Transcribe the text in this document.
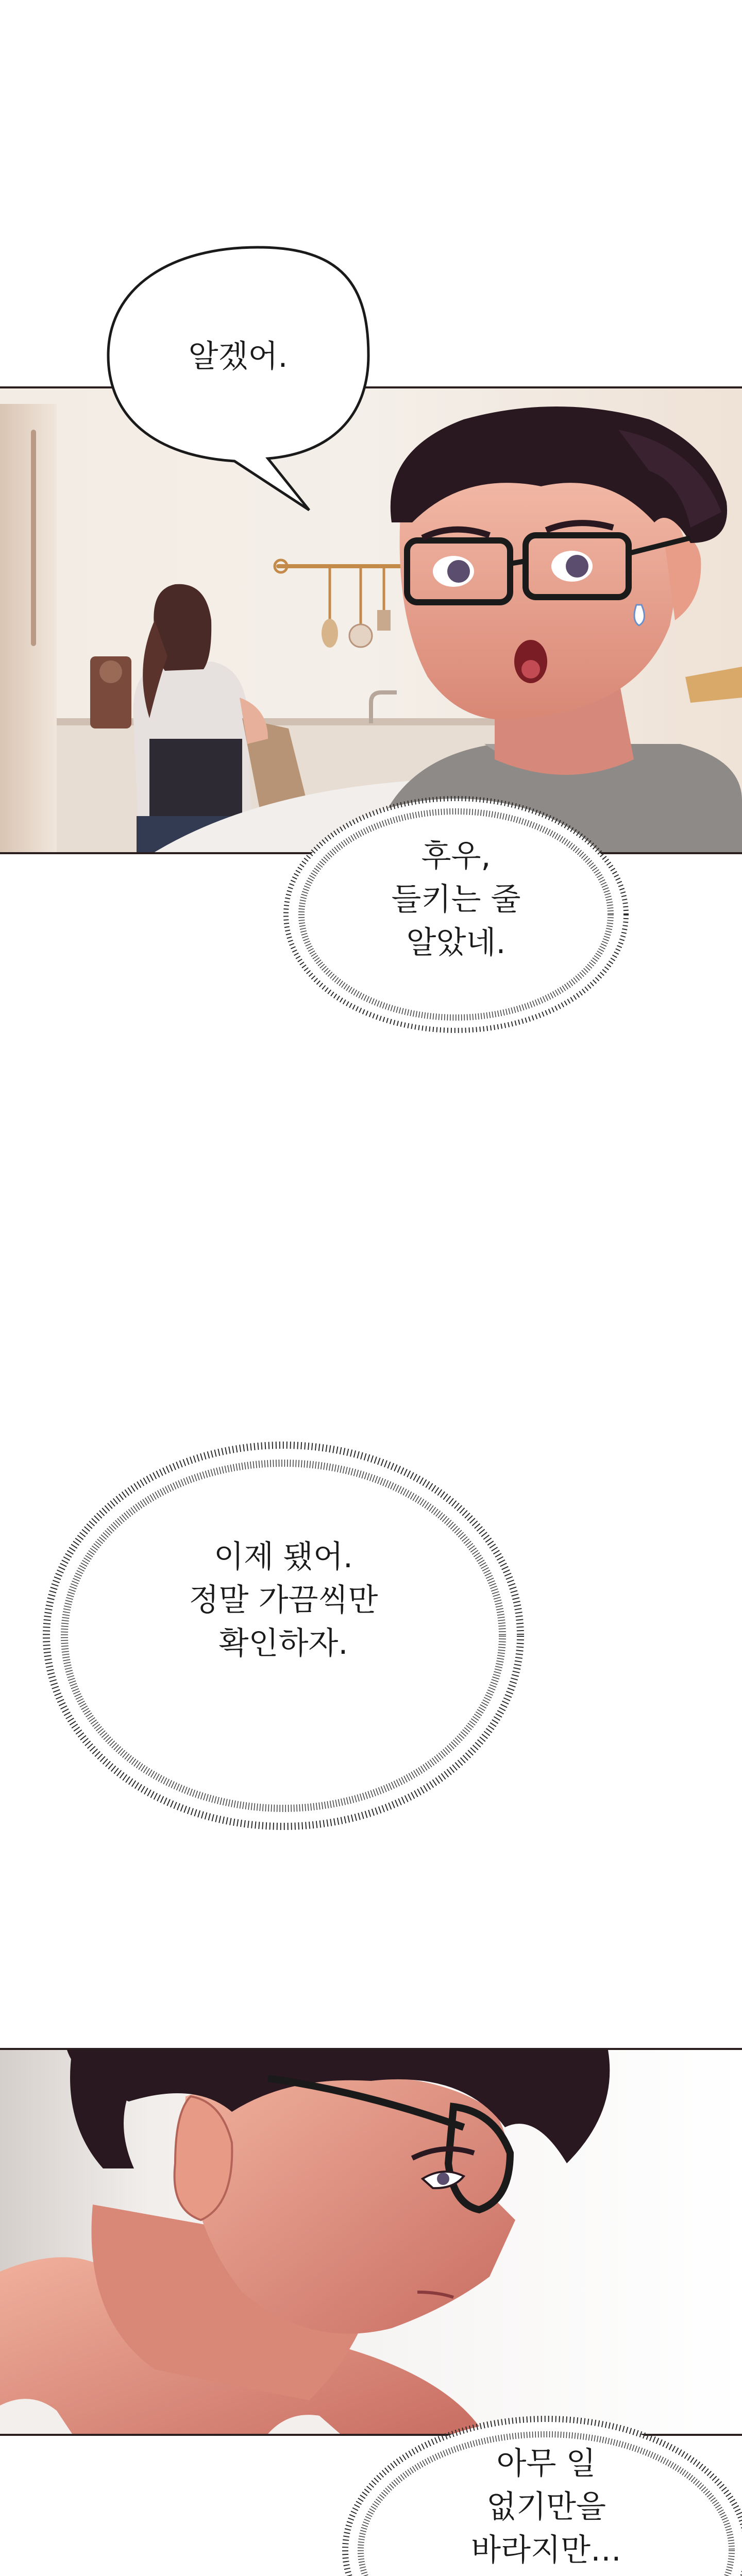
알겠어.
후우,
들키는 줄
알았네.
이제 됐어.
정말 가끔씩만
확인하자.
아무 일
없기만을
바라지만…
